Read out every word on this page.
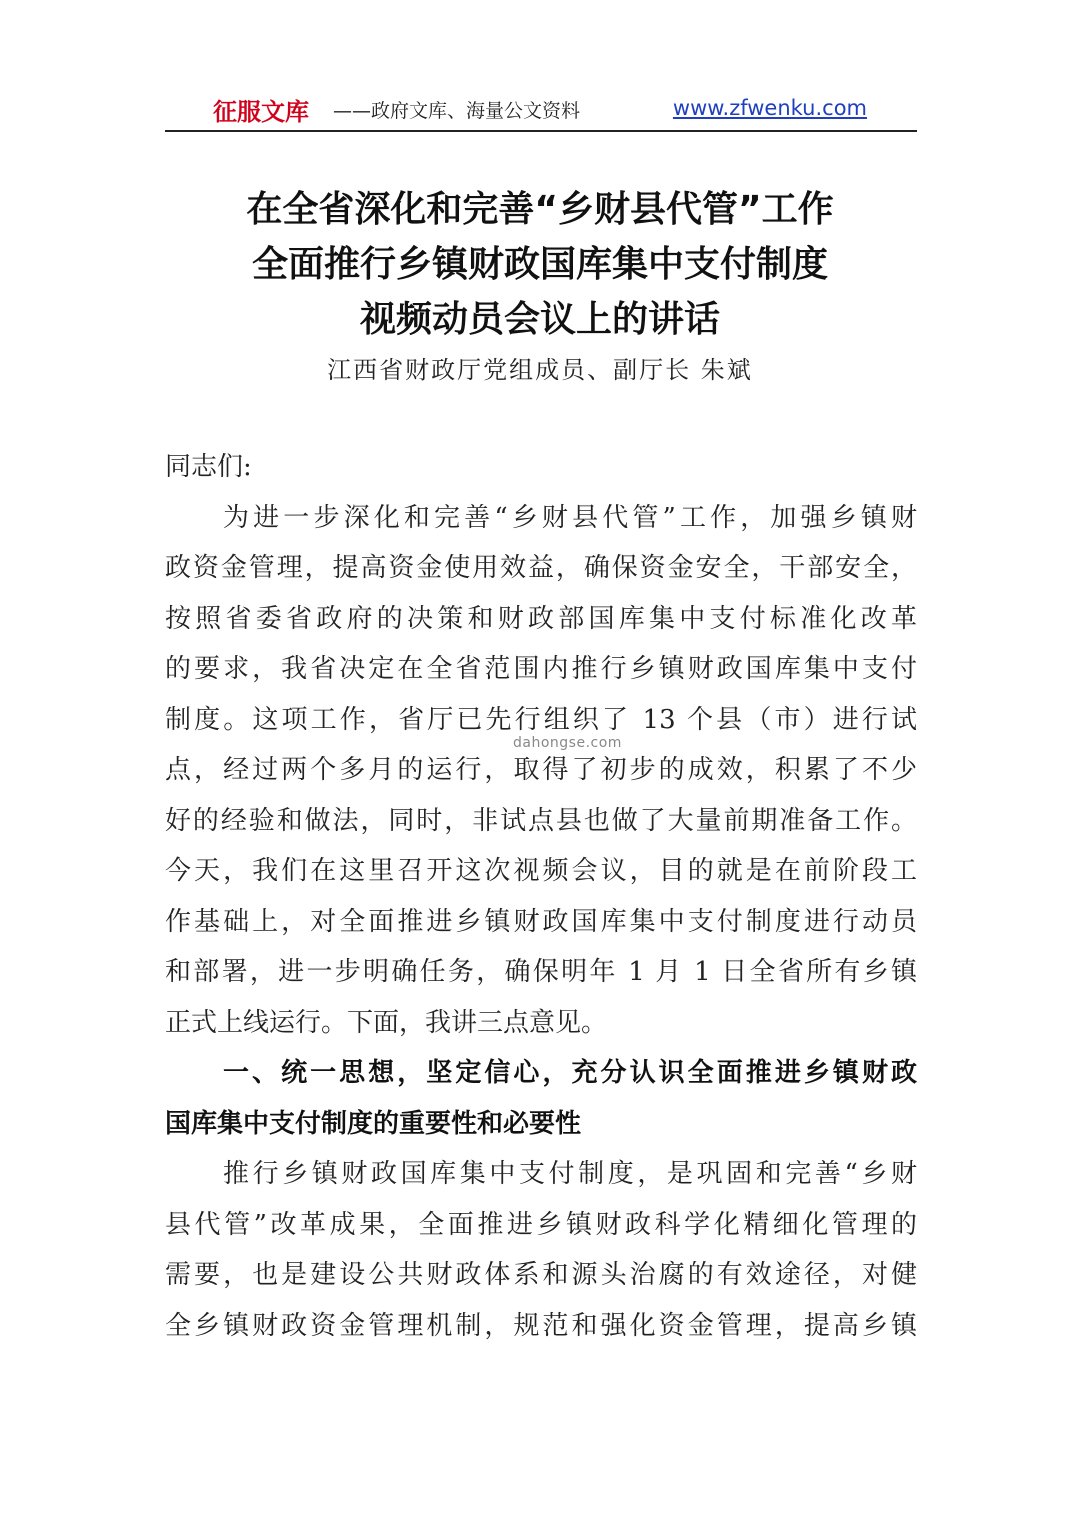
征服文库 ——政府文库、海量公文资料	www.zfwenku.com
在全省深化和完善“乡财县代管”工作
全面推行乡镇财政国库集中支付制度
视频动员会议上的讲话
江西省财政厅党组成员、副厅长 朱斌

同志们:

为进一步深化和完善“乡财县代管”工作，加强乡镇财

政资金管理，提高资金使用效益，确保资金安全，干部安全，

按照省委省政府的决策和财政部国库集中支付标准化改革

的要求，我省决定在全省范围内推行乡镇财政国库集中支付

制度。这项工作，省厅已先行组织了 13 个县（市）进行试

点，经过两个多月的运行，取得了初步的成效，积累了不少

好的经验和做法，同时，非试点县也做了大量前期准备工作。

今天，我们在这里召开这次视频会议，目的就是在前阶段工

作基础上，对全面推进乡镇财政国库集中支付制度进行动员

和部署，进一步明确任务，确保明年 1 月 1 日全省所有乡镇

正式上线运行。下面，我讲三点意见。

一、统一思想，坚定信心，充分认识全面推进乡镇财政

国库集中支付制度的重要性和必要性

推行乡镇财政国库集中支付制度，是巩固和完善“乡财

县代管”改革成果，全面推进乡镇财政科学化精细化管理的

需要，也是建设公共财政体系和源头治腐的有效途径，对健

全乡镇财政资金管理机制，规范和强化资金管理，提高乡镇

dahongse.com
